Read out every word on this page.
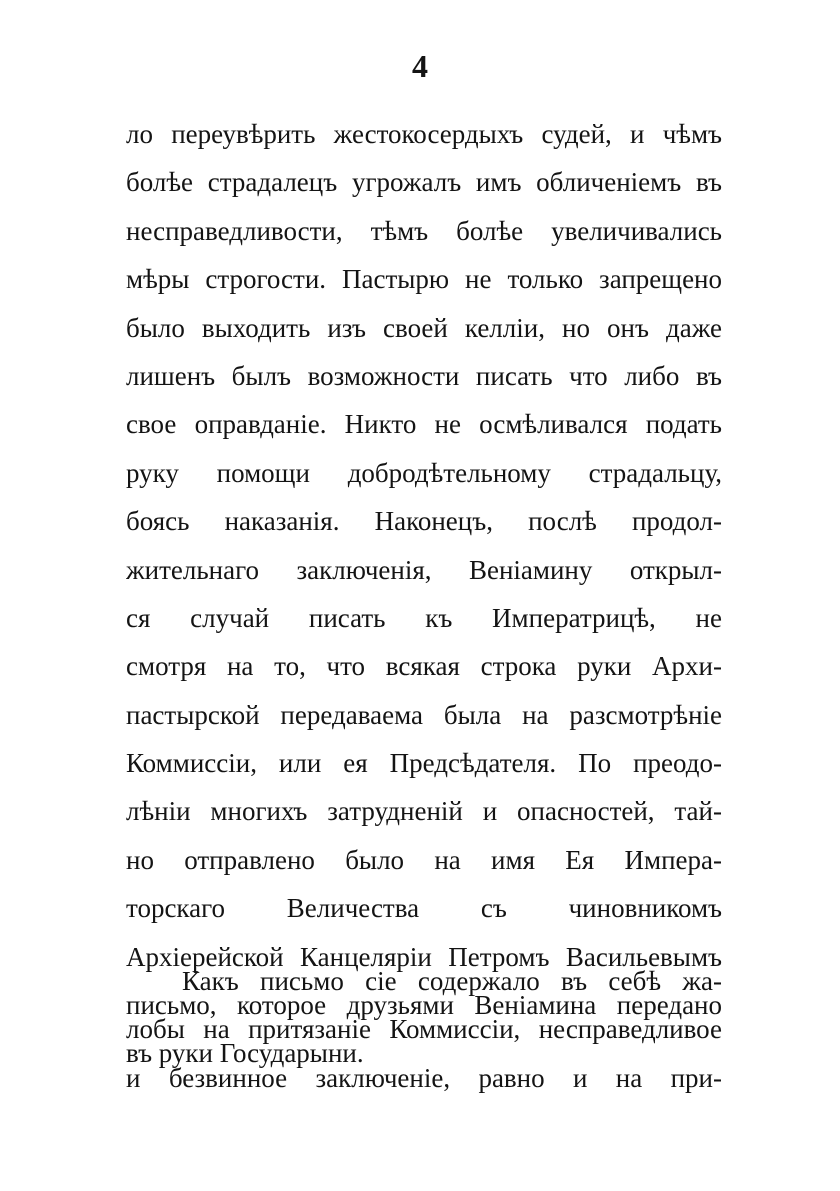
4
ло переувѣрить жестокосердыхъ судей, и чѣмъ
болѣе страдалецъ угрожалъ имъ обличеніемъ въ
несправедливости, тѣмъ болѣе увеличивались
мѣры строгости. Пастырю не только запрещено
было выходить изъ своей келліи, но онъ даже
лишенъ былъ возможности писать что либо въ
свое оправданіе. Никто не осмѣливался подать
руку помощи добродѣтельному страдальцу,
боясь наказанія. Наконецъ, послѣ продол-
жительнаго заключенія, Веніамину открыл-
ся случай писать къ Императрицѣ, не
смотря на то, что всякая строка руки Архи-
пастырской передаваема была на разсмотрѣніе
Коммиссіи, или ея Предсѣдателя. По преодо-
лѣніи многихъ затрудненій и опасностей, тай-
но отправлено было на имя Ея Импера-
торскаго Величества съ чиновникомъ
Архіерейской Канцелярiи Петромъ Васильевымъ
письмо, которое друзьями Веніамина передано
въ руки Государыни.
Какъ письмо сіе содержало въ себѣ жа-
лобы на притязаніе Коммиссіи, несправедливое
и безвинное заключеніе, равно и на при-
